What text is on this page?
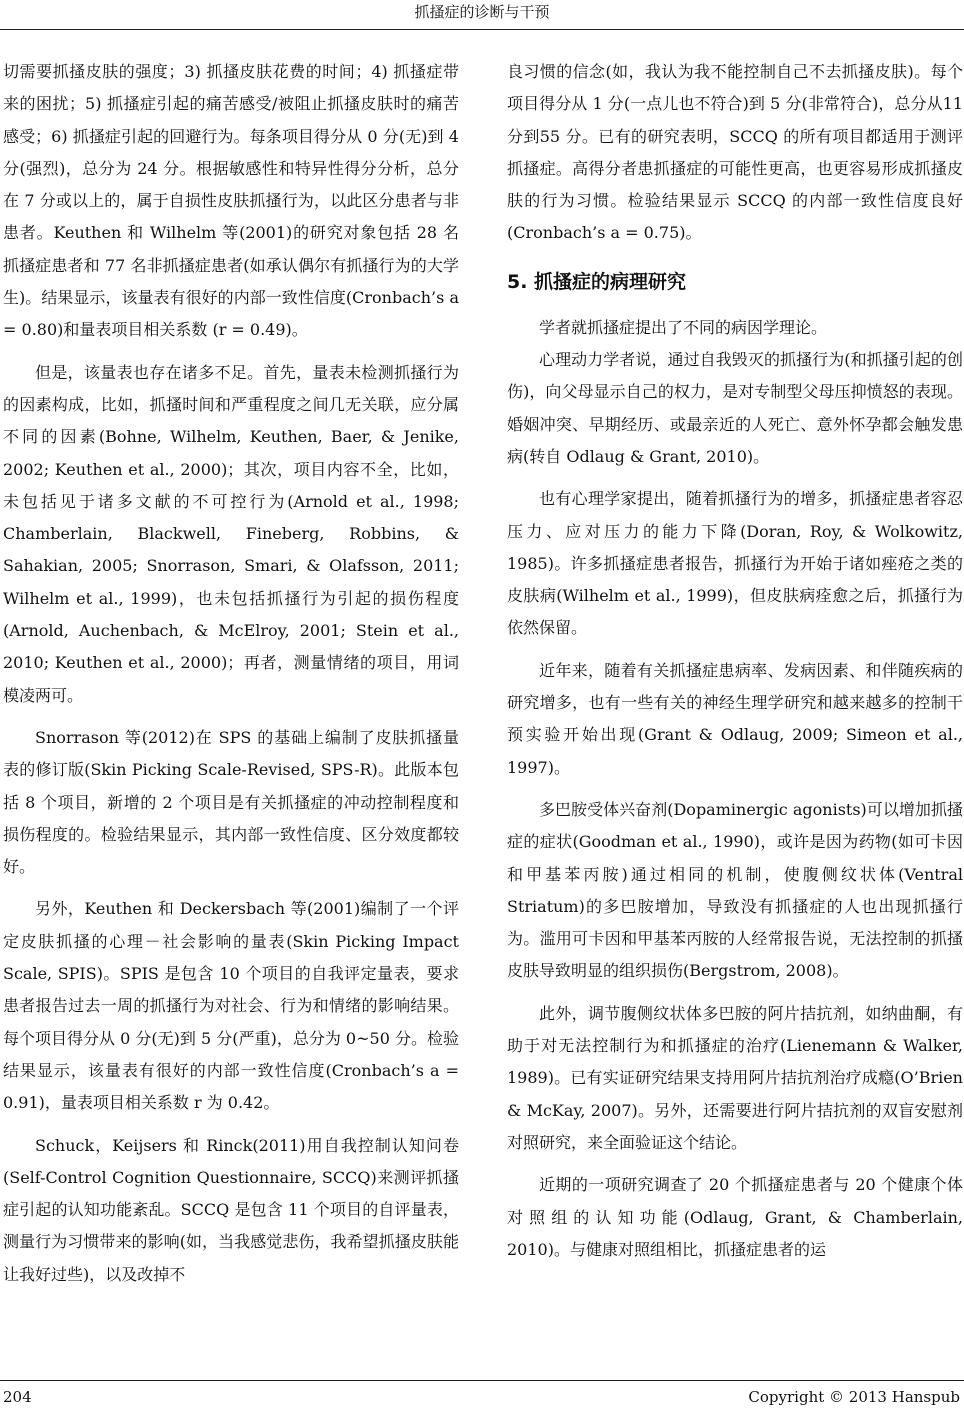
抓搔症的诊断与干预

切需要抓搔皮肤的强度；3) 抓搔皮肤花费的时间；4) 抓搔症带来的困扰；5) 抓搔症引起的痛苦感受/被阻止抓搔皮肤时的痛苦感受；6) 抓搔症引起的回避行为。每条项目得分从 0 分(无)到 4 分(强烈)，总分为 24 分。根据敏感性和特异性得分分析，总分在 7 分或以上的，属于自损性皮肤抓搔行为，以此区分患者与非患者。Keuthen 和 Wilhelm 等(2001)的研究对象包括 28 名抓搔症患者和 77 名非抓搔症患者(如承认偶尔有抓搔行为的大学生)。结果显示，该量表有很好的内部一致性信度(Cronbach’s a = 0.80)和量表项目相关系数 (r = 0.49)。

但是，该量表也存在诸多不足。首先，量表未检测抓搔行为的因素构成，比如，抓搔时间和严重程度之间几无关联，应分属不同的因素(Bohne, Wilhelm, Keuthen, Baer, & Jenike, 2002; Keuthen et al., 2000)；其次，项目内容不全，比如，未包括见于诸多文献的不可控行为(Arnold et al., 1998; Chamberlain, Blackwell, Fineberg, Robbins, & Sahakian, 2005; Snorrason, Smari, & Olafsson, 2011; Wilhelm et al., 1999)，也未包括抓搔行为引起的损伤程度(Arnold, Auchenbach, & McElroy, 2001; Stein et al., 2010; Keuthen et al., 2000)；再者，测量情绪的项目，用词模凌两可。

Snorrason 等(2012)在 SPS 的基础上编制了皮肤抓搔量表的修订版(Skin Picking Scale-Revised, SPS-R)。此版本包括 8 个项目，新增的 2 个项目是有关抓搔症的冲动控制程度和损伤程度的。检验结果显示，其内部一致性信度、区分效度都较好。

另外，Keuthen 和 Deckersbach 等(2001)编制了一个评定皮肤抓搔的心理－社会影响的量表(Skin Picking Impact Scale, SPIS)。SPIS 是包含 10 个项目的自我评定量表，要求患者报告过去一周的抓搔行为对社会、行为和情绪的影响结果。每个项目得分从 0 分(无)到 5 分(严重)，总分为 0~50 分。检验结果显示，该量表有很好的内部一致性信度(Cronbach’s a = 0.91)，量表项目相关系数 r 为 0.42。

Schuck，Keijsers 和 Rinck(2011)用自我控制认知问卷(Self-Control Cognition Questionnaire, SCCQ)来测评抓搔症引起的认知功能紊乱。SCCQ 是包含 11 个项目的自评量表，测量行为习惯带来的影响(如，当我感觉悲伤，我希望抓搔皮肤能让我好过些)，以及改掉不

良习惯的信念(如，我认为我不能控制自己不去抓搔皮肤)。每个项目得分从 1 分(一点儿也不符合)到 5 分(非常符合)，总分从11 分到55 分。已有的研究表明，SCCQ 的所有项目都适用于测评抓搔症。高得分者患抓搔症的可能性更高，也更容易形成抓搔皮肤的行为习惯。检验结果显示 SCCQ 的内部一致性信度良好(Cronbach’s a = 0.75)。

5. 抓搔症的病理研究

学者就抓搔症提出了不同的病因学理论。

心理动力学者说，通过自我毁灭的抓搔行为(和抓搔引起的创伤)，向父母显示自己的权力，是对专制型父母压抑愤怒的表现。婚姻冲突、早期经历、或最亲近的人死亡、意外怀孕都会触发患病(转自 Odlaug & Grant, 2010)。

也有心理学家提出，随着抓搔行为的增多，抓搔症患者容忍压力、应对压力的能力下降(Doran, Roy, & Wolkowitz, 1985)。许多抓搔症患者报告，抓搔行为开始于诸如痤疮之类的皮肤病(Wilhelm et al., 1999)，但皮肤病痊愈之后，抓搔行为依然保留。

近年来，随着有关抓搔症患病率、发病因素、和伴随疾病的研究增多，也有一些有关的神经生理学研究和越来越多的控制干预实验开始出现(Grant & Odlaug, 2009; Simeon et al., 1997)。

多巴胺受体兴奋剂(Dopaminergic agonists)可以增加抓搔症的症状(Goodman et al., 1990)，或许是因为药物(如可卡因和甲基苯丙胺)通过相同的机制，使腹侧纹状体(Ventral Striatum)的多巴胺增加，导致没有抓搔症的人也出现抓搔行为。滥用可卡因和甲基苯丙胺的人经常报告说，无法控制的抓搔皮肤导致明显的组织损伤(Bergstrom, 2008)。

此外，调节腹侧纹状体多巴胺的阿片拮抗剂，如纳曲酮，有助于对无法控制行为和抓搔症的治疗(Lienemann & Walker, 1989)。已有实证研究结果支持用阿片拮抗剂治疗成瘾(O’Brien & McKay, 2007)。另外，还需要进行阿片拮抗剂的双盲安慰剂对照研究，来全面验证这个结论。

近期的一项研究调查了 20 个抓搔症患者与 20 个健康个体对照组的认知功能(Odlaug, Grant, & Chamberlain, 2010)。与健康对照组相比，抓搔症患者的运

204	Copyright © 2013 Hanspub
